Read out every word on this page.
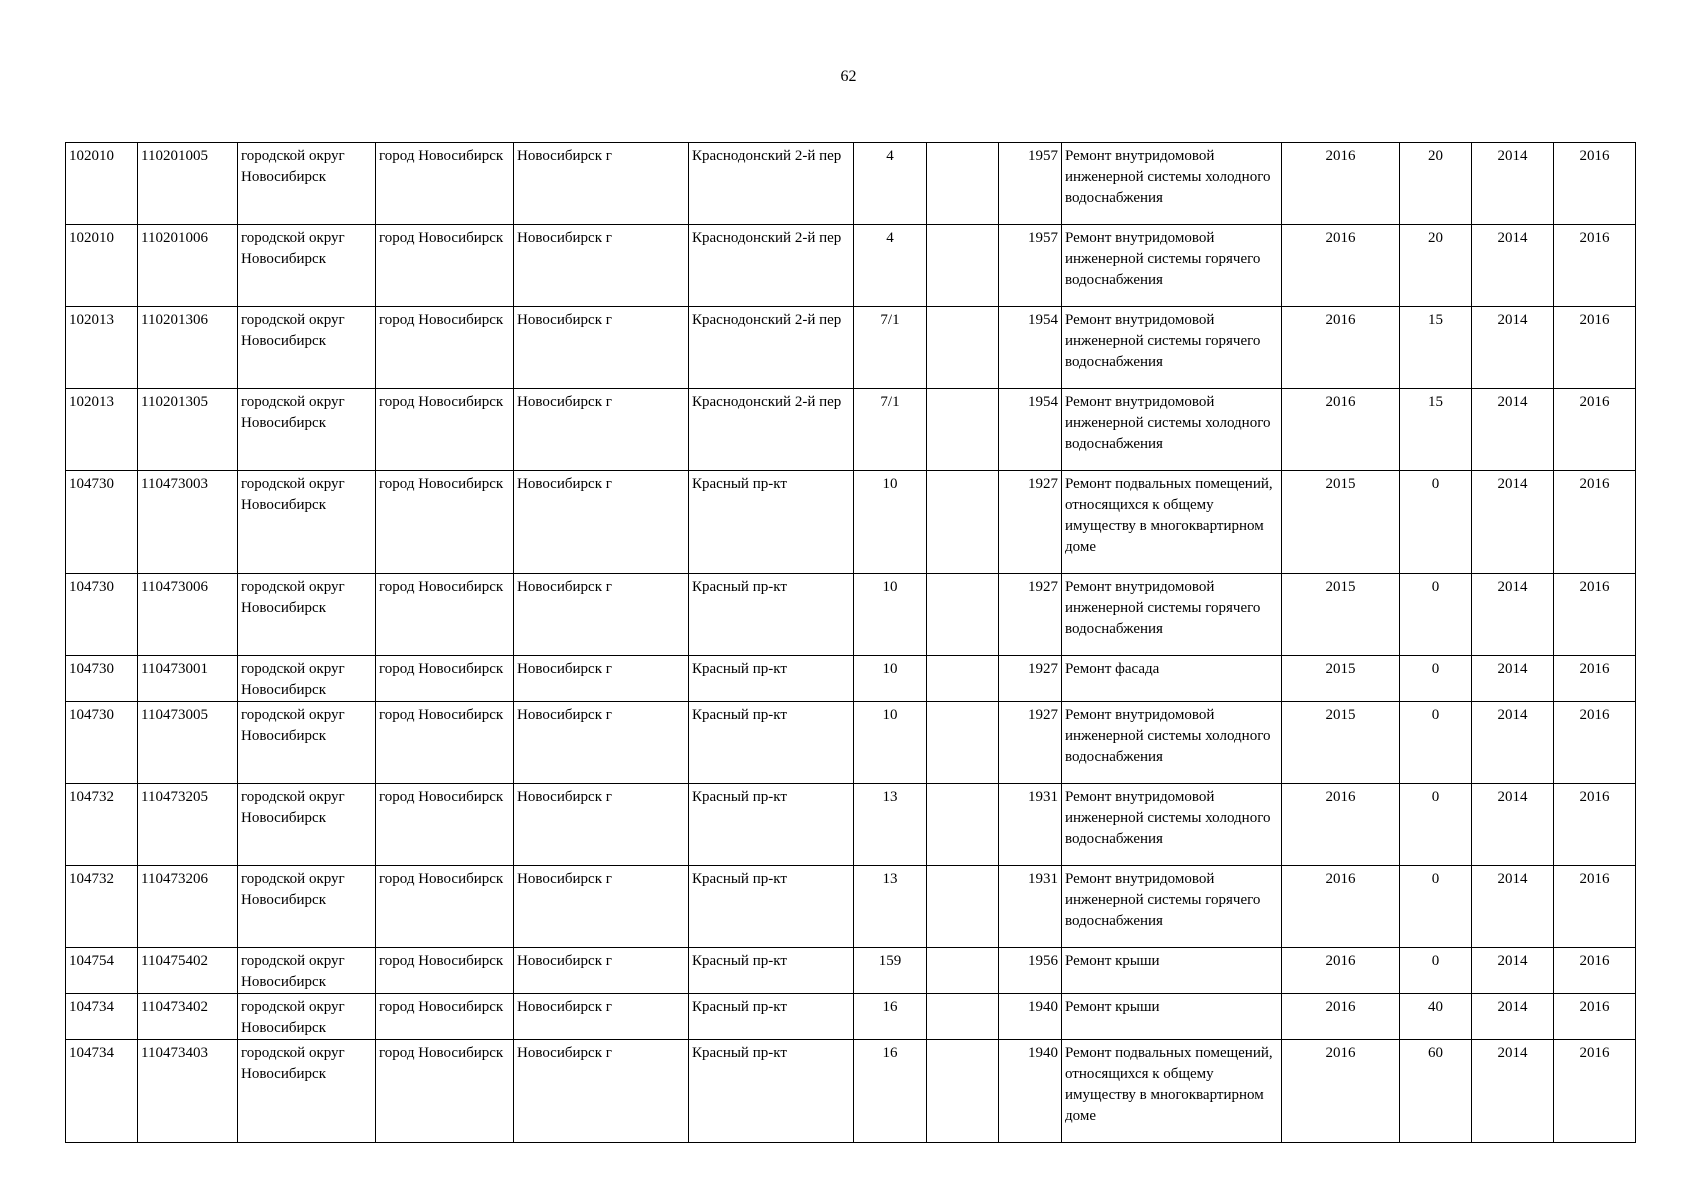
62
102010	110201005	городской округ Новосибирск	город Новосибирск	Новосибирск г	Краснодонский 2-й пер	4		1957	Ремонт внутридомовой инженерной системы холодного водоснабжения	2016	20	2014	2016
102010	110201006	городской округ Новосибирск	город Новосибирск	Новосибирск г	Краснодонский 2-й пер	4		1957	Ремонт внутридомовой инженерной системы горячего водоснабжения	2016	20	2014	2016
102013	110201306	городской округ Новосибирск	город Новосибирск	Новосибирск г	Краснодонский 2-й пер	7/1		1954	Ремонт внутридомовой инженерной системы горячего водоснабжения	2016	15	2014	2016
102013	110201305	городской округ Новосибирск	город Новосибирск	Новосибирск г	Краснодонский 2-й пер	7/1		1954	Ремонт внутридомовой инженерной системы холодного водоснабжения	2016	15	2014	2016
104730	110473003	городской округ Новосибирск	город Новосибирск	Новосибирск г	Красный пр-кт	10		1927	Ремонт подвальных помещений, относящихся к общему имуществу в многоквартирном доме	2015	0	2014	2016
104730	110473006	городской округ Новосибирск	город Новосибирск	Новосибирск г	Красный пр-кт	10		1927	Ремонт внутридомовой инженерной системы горячего водоснабжения	2015	0	2014	2016
104730	110473001	городской округ Новосибирск	город Новосибирск	Новосибирск г	Красный пр-кт	10		1927	Ремонт фасада	2015	0	2014	2016
104730	110473005	городской округ Новосибирск	город Новосибирск	Новосибирск г	Красный пр-кт	10		1927	Ремонт внутридомовой инженерной системы холодного водоснабжения	2015	0	2014	2016
104732	110473205	городской округ Новосибирск	город Новосибирск	Новосибирск г	Красный пр-кт	13		1931	Ремонт внутридомовой инженерной системы холодного водоснабжения	2016	0	2014	2016
104732	110473206	городской округ Новосибирск	город Новосибирск	Новосибирск г	Красный пр-кт	13		1931	Ремонт внутридомовой инженерной системы горячего водоснабжения	2016	0	2014	2016
104754	110475402	городской округ Новосибирск	город Новосибирск	Новосибирск г	Красный пр-кт	159		1956	Ремонт крыши	2016	0	2014	2016
104734	110473402	городской округ Новосибирск	город Новосибирск	Новосибирск г	Красный пр-кт	16		1940	Ремонт крыши	2016	40	2014	2016
104734	110473403	городской округ Новосибирск	город Новосибирск	Новосибирск г	Красный пр-кт	16		1940	Ремонт подвальных помещений, относящихся к общему имуществу в многоквартирном доме	2016	60	2014	2016
